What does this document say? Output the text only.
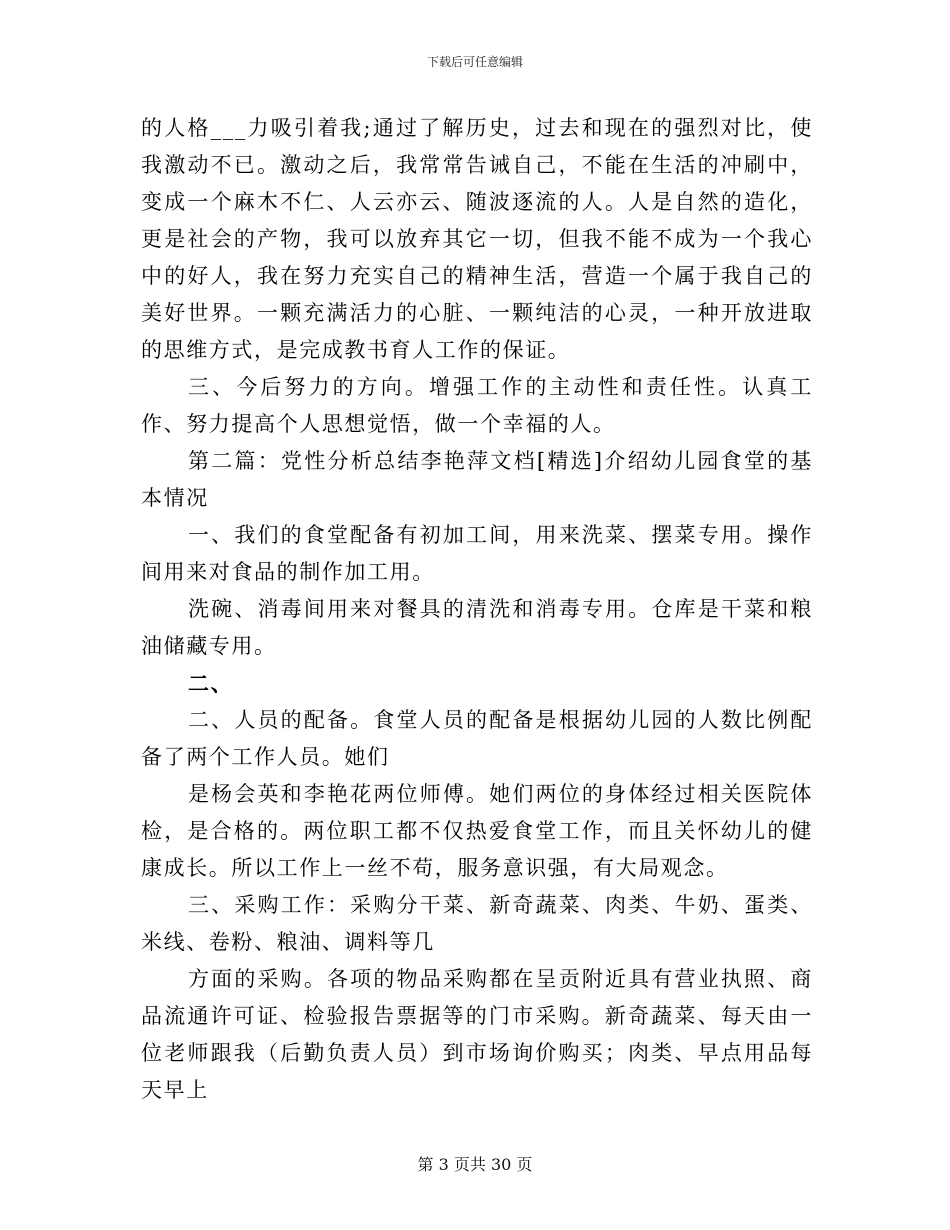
下载后可任意编辑

的人格___力吸引着我;通过了解历史，过去和现在的强烈对比，使我激动不已。激动之后，我常常告诫自己，不能在生活的冲刷中，变成一个麻木不仁、人云亦云、随波逐流的人。人是自然的造化，更是社会的产物，我可以放弃其它一切，但我不能不成为一个我心中的好人，我在努力充实自己的精神生活，营造一个属于我自己的美好世界。一颗充满活力的心脏、一颗纯洁的心灵，一种开放进取的思维方式，是完成教书育人工作的保证。

三、今后努力的方向。增强工作的主动性和责任性。认真工作、努力提高个人思想觉悟，做一个幸福的人。

第二篇：党性分析总结李艳萍文档[精选]介绍幼儿园食堂的基本情况

一、我们的食堂配备有初加工间，用来洗菜、摆菜专用。操作间用来对食品的制作加工用。

洗碗、消毒间用来对餐具的清洗和消毒专用。仓库是干菜和粮油储藏专用。

二、

二、人员的配备。食堂人员的配备是根据幼儿园的人数比例配备了两个工作人员。她们

是杨会英和李艳花两位师傅。她们两位的身体经过相关医院体检，是合格的。两位职工都不仅热爱食堂工作，而且关怀幼儿的健康成长。所以工作上一丝不苟，服务意识强，有大局观念。

三、采购工作：采购分干菜、新奇蔬菜、肉类、牛奶、蛋类、米线、卷粉、粮油、调料等几

方面的采购。各项的物品采购都在呈贡附近具有营业执照、商品流通许可证、检验报告票据等的门市采购。新奇蔬菜、每天由一位老师跟我（后勤负责人员）到市场询价购买；肉类、早点用品每天早上

第 3 页共 30 页
